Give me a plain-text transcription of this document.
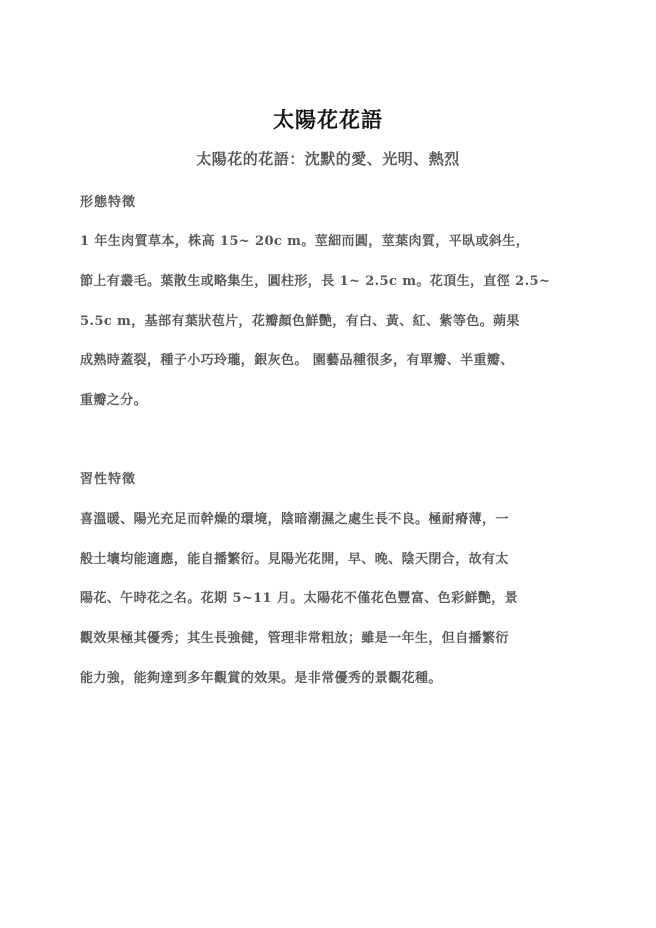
太陽花花語
太陽花的花語：沈默的愛、光明、熱烈
形態特徵
1 年生肉質草本，株高 15~ 20c m。莖細而圓，莖葉肉質，平臥或斜生，
節上有叢毛。葉散生或略集生，圓柱形，長 1~ 2.5c m。花頂生，直徑 2.5~
5.5c m，基部有葉狀苞片，花瓣顏色鮮艷，有白、黃、紅、紫等色。蒴果
成熟時蓋裂，種子小巧玲瓏，銀灰色。 園藝品種很多，有單瓣、半重瓣、
重瓣之分。
習性特徵
喜溫暖、陽光充足而幹燥的環境，陰暗潮濕之處生長不良。極耐瘠薄，一
般土壤均能適應，能自播繁衍。見陽光花開，早、晚、陰天閉合，故有太
陽花、午時花之名。花期 5~11 月。太陽花不僅花色豐富、色彩鮮艷，景
觀效果極其優秀；其生長強健，管理非常粗放；雖是一年生，但自播繁衍
能力強，能夠達到多年觀賞的效果。是非常優秀的景觀花種。
